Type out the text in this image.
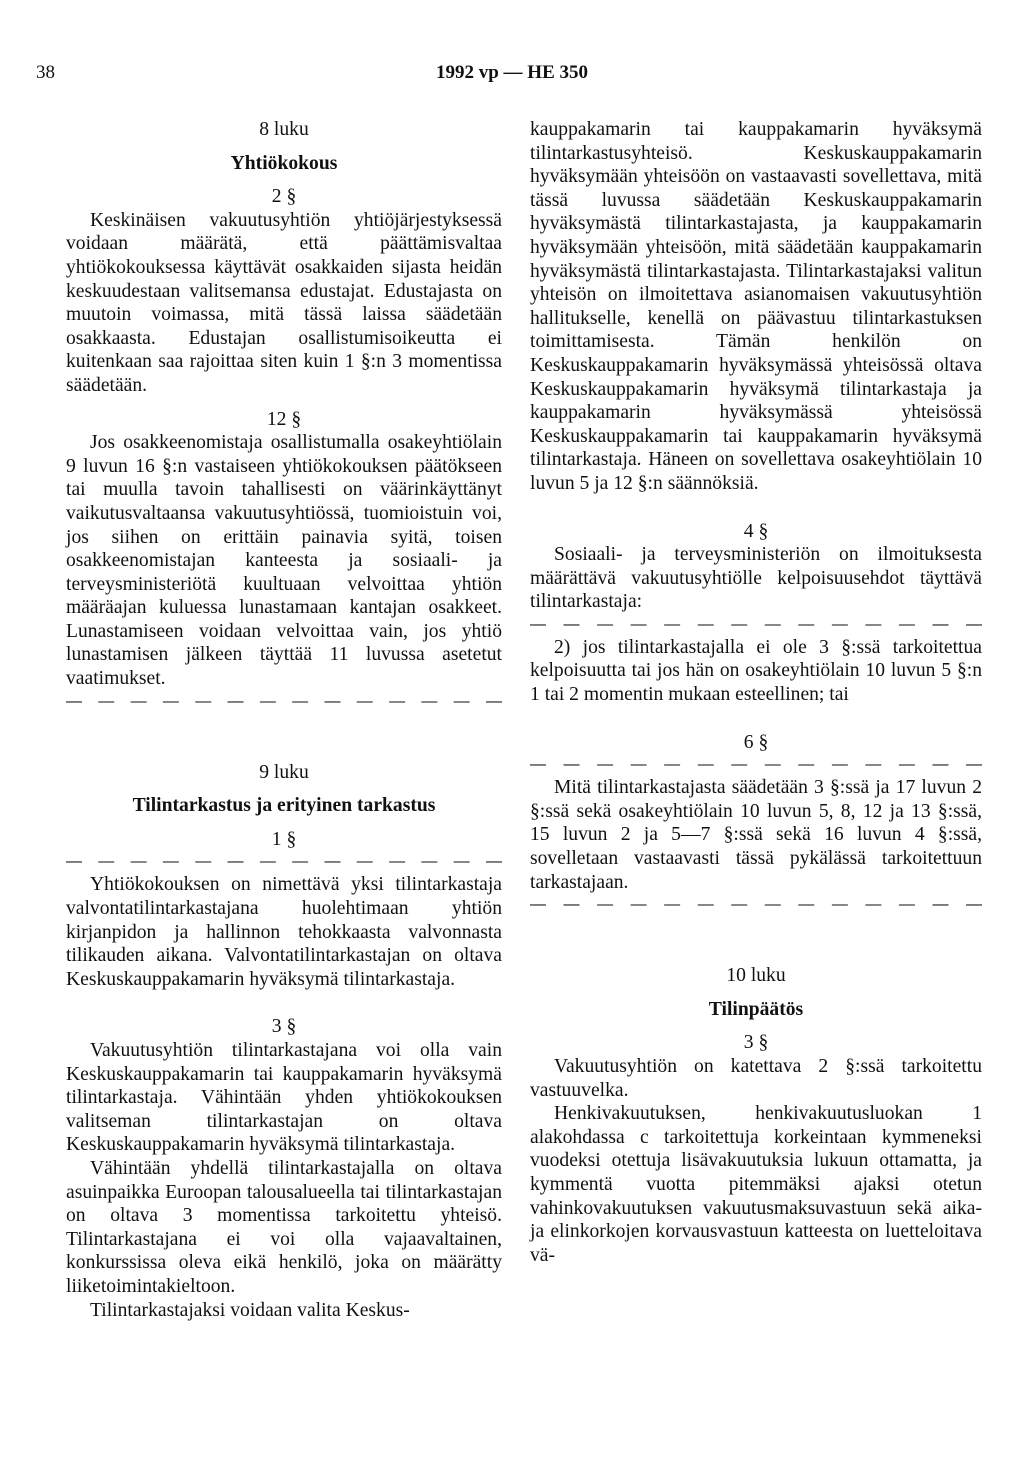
38	1992 vp — HE 350

8 luku

Yhtiökokous

2 §

Keskinäisen vakuutusyhtiön yhtiöjärjestyksessä voidaan määrätä, että päättämisvaltaa yhtiökokouksessa käyttävät osakkaiden sijasta heidän keskuudestaan valitsemansa edustajat. Edustajasta on muutoin voimassa, mitä tässä laissa säädetään osakkaasta. Edustajan osallistumisoikeutta ei kuitenkaan saa rajoittaa siten kuin 1 §:n 3 momentissa säädetään.

12 §

Jos osakkeenomistaja osallistumalla osakeyhtiölain 9 luvun 16 §:n vastaiseen yhtiökokouksen päätökseen tai muulla tavoin tahallisesti on väärinkäyttänyt vaikutusvaltaansa vakuutusyhtiössä, tuomioistuin voi, jos siihen on erittäin painavia syitä, toisen osakkeenomistajan kanteesta ja sosiaali- ja terveysministeriötä kuultuaan velvoittaa yhtiön määräajan kuluessa lunastamaan kantajan osakkeet. Lunastamiseen voidaan velvoittaa vain, jos yhtiö lunastamisen jälkeen täyttää 11 luvussa asetetut vaatimukset.

— — — — — — — — — — — — — —

9 luku

Tilintarkastus ja erityinen tarkastus

1 §

— — — — — — — — — — — — — —

Yhtiökokouksen on nimettävä yksi tilintarkastaja valvontatilintarkastajana huolehtimaan yhtiön kirjanpidon ja hallinnon tehokkaasta valvonnasta tilikauden aikana. Valvontatilintarkastajan on oltava Keskuskauppakamarin hyväksymä tilintarkastaja.

3 §

Vakuutusyhtiön tilintarkastajana voi olla vain Keskuskauppakamarin tai kauppakamarin hyväksymä tilintarkastaja. Vähintään yhden yhtiökokouksen valitseman tilintarkastajan on oltava Keskuskauppakamarin hyväksymä tilintarkastaja.

Vähintään yhdellä tilintarkastajalla on oltava asuinpaikka Euroopan talousalueella tai tilintarkastajan on oltava 3 momentissa tarkoitettu yhteisö. Tilintarkastajana ei voi olla vajaavaltainen, konkurssissa oleva eikä henkilö, joka on määrätty liiketoimintakieltoon.

Tilintarkastajaksi voidaan valita Keskus-

kauppakamarin tai kauppakamarin hyväksymä tilintarkastusyhteisö. Keskuskauppakamarin hyväksymään yhteisöön on vastaavasti sovellettava, mitä tässä luvussa säädetään Keskuskauppakamarin hyväksymästä tilintarkastajasta, ja kauppakamarin hyväksymään yhteisöön, mitä säädetään kauppakamarin hyväksymästä tilintarkastajasta. Tilintarkastajaksi valitun yhteisön on ilmoitettava asianomaisen vakuutusyhtiön hallitukselle, kenellä on päävastuu tilintarkastuksen toimittamisesta. Tämän henkilön on Keskuskauppakamarin hyväksymässä yhteisössä oltava Keskuskauppakamarin hyväksymä tilintarkastaja ja kauppakamarin hyväksymässä yhteisössä Keskuskauppakamarin tai kauppakamarin hyväksymä tilintarkastaja. Häneen on sovellettava osakeyhtiölain 10 luvun 5 ja 12 §:n säännöksiä.

4 §

Sosiaali- ja terveysministeriön on ilmoituksesta määrättävä vakuutusyhtiölle kelpoisuusehdot täyttävä tilintarkastaja:

— — — — — — — — — — — — — —

2) jos tilintarkastajalla ei ole 3 §:ssä tarkoitettua kelpoisuutta tai jos hän on osakeyhtiölain 10 luvun 5 §:n 1 tai 2 momentin mukaan esteellinen; tai

6 §

— — — — — — — — — — — — — —

Mitä tilintarkastajasta säädetään 3 §:ssä ja 17 luvun 2 §:ssä sekä osakeyhtiölain 10 luvun 5, 8, 12 ja 13 §:ssä, 15 luvun 2 ja 5—7 §:ssä sekä 16 luvun 4 §:ssä, sovelletaan vastaavasti tässä pykälässä tarkoitettuun tarkastajaan.

— — — — — — — — — — — — — —

10 luku

Tilinpäätös

3 §

Vakuutusyhtiön on katettava 2 §:ssä tarkoitettu vastuuvelka.

Henkivakuutuksen, henkivakuutusluokan 1 alakohdassa c tarkoitettuja korkeintaan kymmeneksi vuodeksi otettuja lisävakuutuksia lukuun ottamatta, ja kymmentä vuotta pitemmäksi ajaksi otetun vahinkovakuutuksen vakuutusmaksuvastuun sekä aika- ja elinkorkojen korvausvastuun katteesta on luetteloitava vä-
